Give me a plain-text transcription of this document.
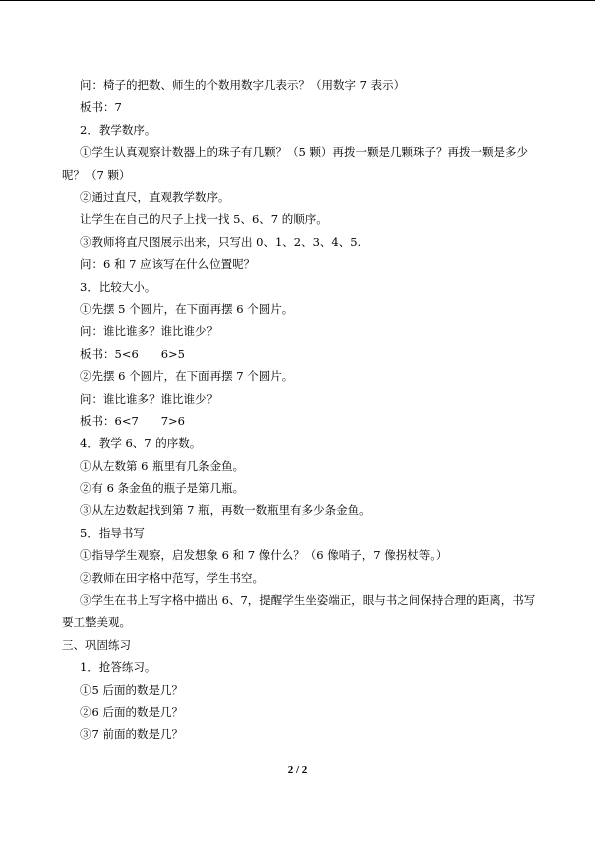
问：椅子的把数、师生的个数用数字几表示？（用数字 7 表示）
板书：7
2．教学数序。
①学生认真观察计数器上的珠子有几颗？（5 颗）再拨一颗是几颗珠子？再拨一颗是多少呢？（7 颗）
②通过直尺，直观教学数序。
让学生在自己的尺子上找一找 5、6、7 的顺序。
③教师将直尺图展示出来，只写出 0、1、2、3、4、5.
问：6 和 7 应该写在什么位置呢？
3．比较大小。
①先摆 5 个圆片，在下面再摆 6 个圆片。
问：谁比谁多？谁比谁少？
板书：5<6      6>5
②先摆 6 个圆片，在下面再摆 7 个圆片。
问：谁比谁多？谁比谁少？
板书：6<7      7>6
4．教学 6、7 的序数。
①从左数第 6 瓶里有几条金鱼。
②有 6 条金鱼的瓶子是第几瓶。
③从左边数起找到第 7 瓶，再数一数瓶里有多少条金鱼。
5．指导书写
①指导学生观察，启发想象 6 和 7 像什么？（6 像哨子，7 像拐杖等。）
②教师在田字格中范写，学生书空。
③学生在书上写字格中描出 6、7，提醒学生坐姿端正，眼与书之间保持合理的距离，书写要工整美观。
三、巩固练习
1．抢答练习。
①5 后面的数是几？
②6 后面的数是几？
③7 前面的数是几？
2 / 2
